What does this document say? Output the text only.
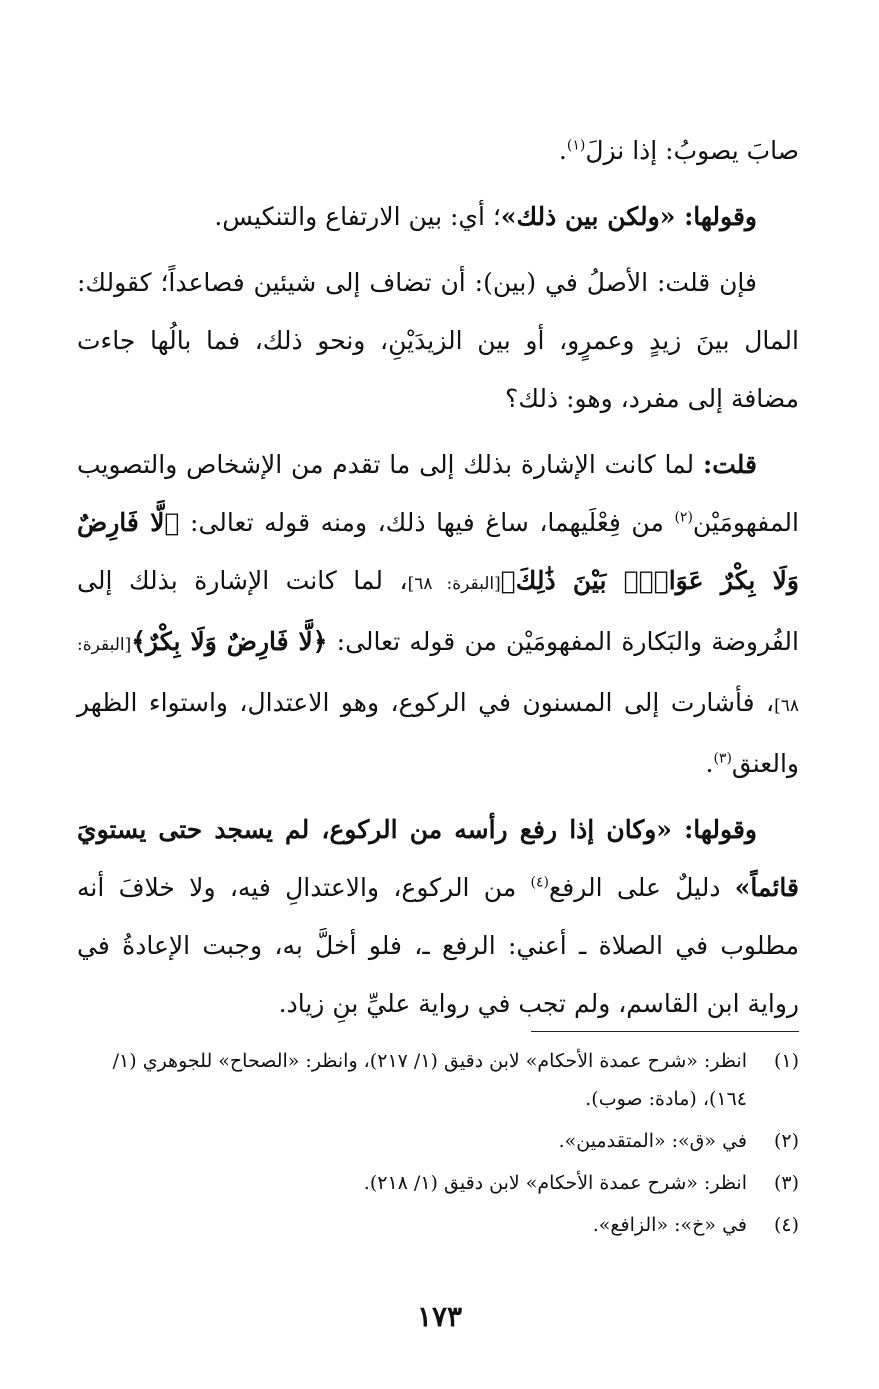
صابَ يصوبُ: إذا نزلَ$^{(١)}$.

وقولها: «ولكن بين ذلك»؛ أي: بين الارتفاع والتنكيس.

فإن قلت: الأصلُ في (بين): أن تضاف إلى شيئين فصاعداً؛ كقولك: المال بينَ زيدٍ وعمرٍو، أو بين الزيدَيْنِ، ونحو ذلك، فما بالُها جاءت مضافة إلى مفرد، وهو: ذلك؟

قلت: لما كانت الإشارة بذلك إلى ما تقدم من الإشخاص والتصويب المفهومَيْن$^{(٢)}$ من فِعْلَيهما، ساغ فيها ذلك، ومنه قوله تعالى: ﴿لَّا فَارِضٌ وَلَا بِكْرٌ عَوَانٌۢ بَيْنَ ذَٰلِكَ﴾[البقرة: ٦٨]، لما كانت الإشارة بذلك إلى الفُروضة والبَكارة المفهومَيْن من قوله تعالى: ﴿لَّا فَارِضٌ وَلَا بِكْرٌ﴾[البقرة: ٦٨]، فأشارت إلى المسنون في الركوع، وهو الاعتدال، واستواء الظهر والعنق$^{(٣)}$.

وقولها: «وكان إذا رفع رأسه من الركوع، لم يسجد حتى يستويَ قائماً» دليلٌ على الرفع$^{(٤)}$ من الركوع، والاعتدالِ فيه، ولا خلافَ أنه مطلوب في الصلاة ـ أعني: الرفع ـ، فلو أخلَّ به، وجبت الإعادةُ في رواية ابن القاسم، ولم تجب في رواية عليِّ بنِ زياد.

(١)
انظر: «شرح عمدة الأحكام» لابن دقيق (١/ ٢١٧)، وانظر: «الصحاح» للجوهري (١/ ١٦٤)، (مادة: صوب).
(٢)
في «ق»: «المتقدمين».
(٣)
انظر: «شرح عمدة الأحكام» لابن دقيق (١/ ٢١٨).
(٤)
في «خ»: «الزافع».
١٧٣
